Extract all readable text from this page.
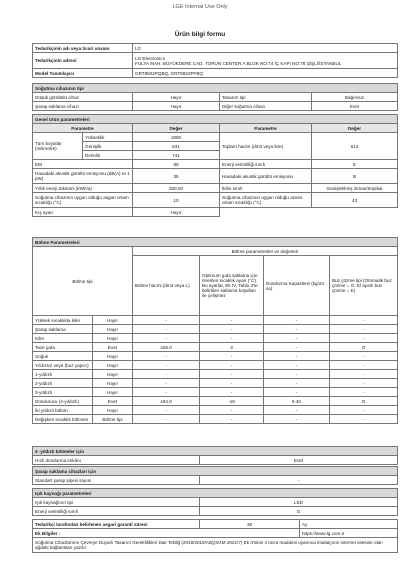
LGE Internal Use Only
Ürün bilgi formu
Tedarikçinin adı veya ticari unvanı	LG
Tedarikçinin adresi	LG Electronics
FULYA MAH. BÜYÜKDERE CAD. TORUN CENTER A BLOK NO:74 İÇ KAPI NO:78 ŞİŞLİ/İSTANBUL

Model Tanımlayıcı	GRT8822PQBQ, GRT8822PFBQ
Soğutma cihazının tipi			
Düşük gürültülü cihaz	Hayır	Tasarım tipi	Bağımsız
Şarap saklama cihazı	Hayır	Diğer soğutma cihazı	Evet
Genel ürün parametreleri				
Parametre		Değer	Parametre	Değer
Tüm boyutlar (milimetre)	Yükseklik	1860	Toplam hacim (dm3 veya litre)	612
	Genişlik	831		
	Derinlik	741		
EEI		99	Enerji verimliliği sınıfı	E
Havadaki akustik gürültü emisyonu (dB(A) re 1 pW)		35	Havadaki akustik gürültü emisyonu	B
Yıllık enerji tüketimi (kWh/a)		330.00	İklim sınıfı	Genişletilmiş ılıman/tropikal
Soğutma cihazının uygun olduğu asgari ortam sıcaklığı (°C)		10	Soğutma cihazının uygun olduğu azami ortam sıcaklığı (°C)	43
Kış ayarı		Hayır		
Bölme Parametreleri					
Bölme tipi		Bölme parametreleri ve değerleri			
		Bölme hacmi (dm3 veya L)	Optimum gıda saklama için önerilen sıcaklık ayarı (°C). Bu ayarlar, Ek IV, Tablo 3'te belirtilen saklama koşulları ile çelişmez	Dondurma Kapasitesi (kg/24 sa)	Buz çözme tipi (Otomatik buz çözme = O, El ayarlı buz çözme = E)
Yüksek sıcaklıkta kiler	Hayır	-	-	-	-
Şarap saklama	Hayır	-	-	-	-
Kiler	Hayır	-	-	-	-
Taze gıda	Evet	428.0	3	-	O
Soğuk	Hayır	-	-	-	-
Yıldızsız veya (buz yapıcı)	Hayır	-	-	-	-
1-yıldızlı	Hayır	-	-	-	-
2-yıldızlı	Hayır	-	-	-	-
3-yıldızlı	Hayır	-	-	-	-
Dondurucu (4-yıldızlı)	Evet	184.0	-18	8.40	O
İki yıldızlı bölüm	Hayır	-	-	-	-
Değişken sıcaklık bölmesi	Bölme tipi	-	-	-	-
4 -yıldızlı bölmeler için
Hızlı dondurma imkânı	Evet
Şarap saklama cihazları için
Standart şarap şişesi sayısı	-
Işık kaynağı parametreleri	
Işık kaynağının tipi	LED
Enerji verimliliği sınıfı	G
Tedarikçi tarafından belirlenen asgari garanti süresi	36	Ay
Ek Bilgiler :		https://www.lg.com.tr
Soğutma Cihazlarının Çevreye Duyarlı Tasarım Gereklilikleri Dair Tebliğ (2019/2019/AB)(SGM 2021/7) Ek II'sinin 4 üncü maddesi uyarınca imalatçının internet sitesine olan ağdaki bağlantıları yazılır.		
